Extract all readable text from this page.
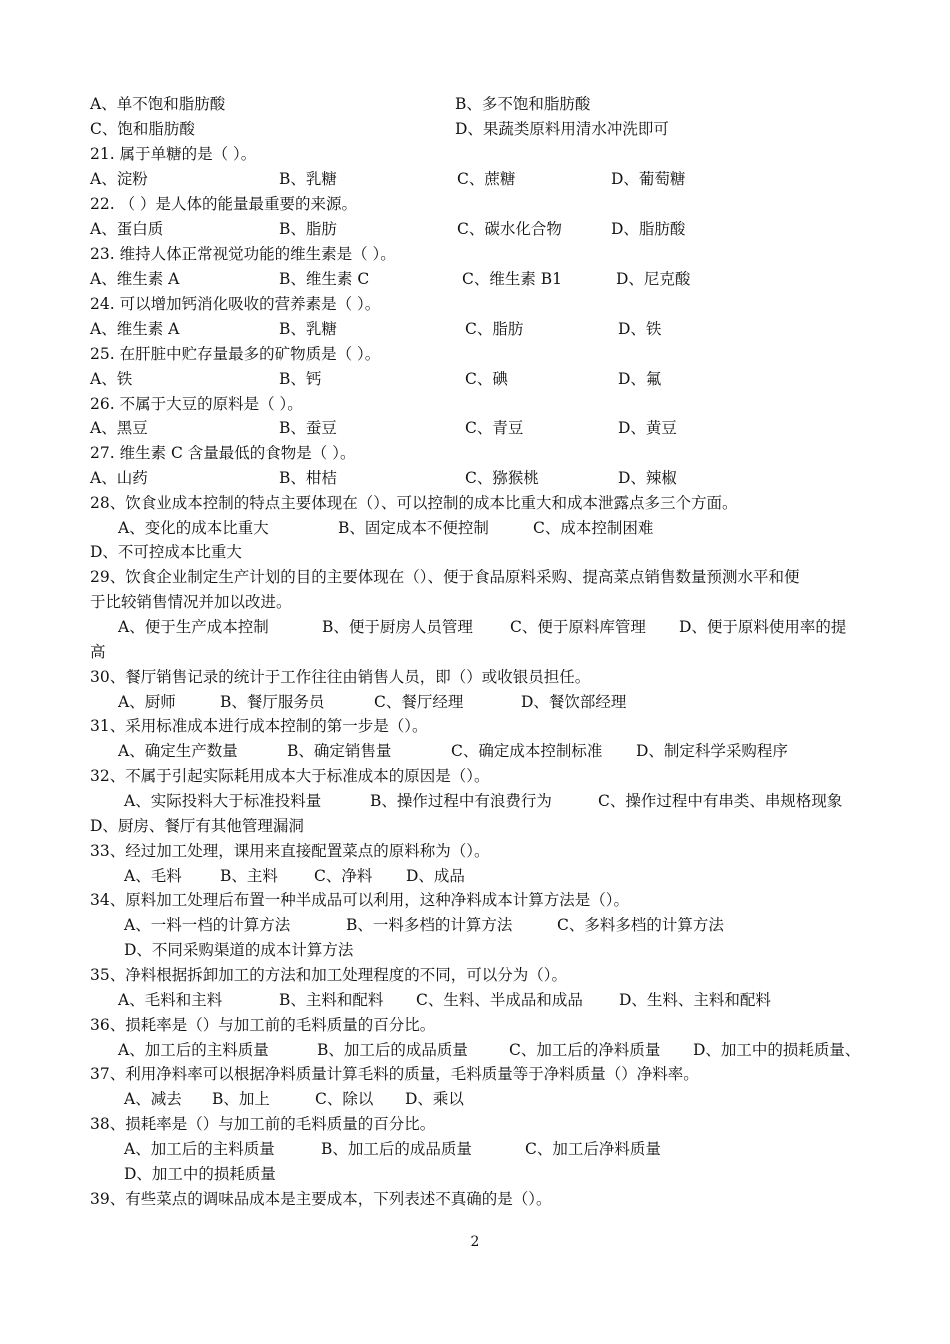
A、单不饱和脂肪酸	B、多不饱和脂肪酸
C、饱和脂肪酸	D、果蔬类原料用清水冲洗即可
21. 属于单糖的是（ ）。
A、淀粉	B、乳糖	C、蔗糖	D、葡萄糖
22. （ ）是人体的能量最重要的来源。
A、蛋白质	B、脂肪	C、碳水化合物	D、脂肪酸
23. 维持人体正常视觉功能的维生素是（ ）。
A、维生素 A	B、维生素 C	C、维生素 B1	D、尼克酸
24. 可以增加钙消化吸收的营养素是（ ）。
A、维生素 A	B、乳糖	C、脂肪	D、铁
25. 在肝脏中贮存量最多的矿物质是（ ）。
A、铁	B、钙	C、碘	D、氟
26. 不属于大豆的原料是（ ）。
A、黑豆	B、蚕豆	C、青豆	D、黄豆
27. 维生素 C 含量最低的食物是（ ）。
A、山药	B、柑桔	C、猕猴桃	D、辣椒
28、饮食业成本控制的特点主要体现在（）、可以控制的成本比重大和成本泄露点多三个方面。
A、变化的成本比重大	B、固定成本不便控制	C、成本控制困难
D、不可控成本比重大
29、饮食企业制定生产计划的目的主要体现在（）、便于食品原料采购、提高菜点销售数量预测水平和便
于比较销售情况并加以改进。
A、便于生产成本控制	B、便于厨房人员管理 C、便于原料库管理 D、便于原料使用率的提
高
30、餐厅销售记录的统计于工作往往由销售人员，即（）或收银员担任。
A、厨师	B、餐厅服务员	C、餐厅经理	D、餐饮部经理
31、采用标准成本进行成本控制的第一步是（）。
A、确定生产数量	B、确定销售量	C、确定成本控制标准 D、制定科学采购程序
32、不属于引起实际耗用成本大于标准成本的原因是（）。
A、实际投料大于标准投料量	B、操作过程中有浪费行为	C、操作过程中有串类、串规格现象
D、厨房、餐厅有其他管理漏洞
33、经过加工处理，课用来直接配置菜点的原料称为（）。
A、毛料 B、主料 C、净料 D、成品
34、原料加工处理后布置一种半成品可以利用，这种净料成本计算方法是（）。
A、一料一档的计算方法	B、一料多档的计算方法	C、多料多档的计算方法
D、不同采购渠道的成本计算方法
35、净料根据拆卸加工的方法和加工处理程度的不同，可以分为（）。
A、毛料和主料	B、主料和配料 C、生料、半成品和成品 D、生料、主料和配料
36、损耗率是（）与加工前的毛料质量的百分比。
A、加工后的主料质量	B、加工后的成品质量	C、加工后的净料质量 D、加工中的损耗质量、
37、利用净料率可以根据净料质量计算毛料的质量，毛料质量等于净料质量（）净料率。
A、减去 B、加上	C、除以 D、乘以
38、损耗率是（）与加工前的毛料质量的百分比。
A、加工后的主料质量	B、加工后的成品质量	C、加工后净料质量
D、加工中的损耗质量
39、有些菜点的调味品成本是主要成本，下列表述不真确的是（）。
2
